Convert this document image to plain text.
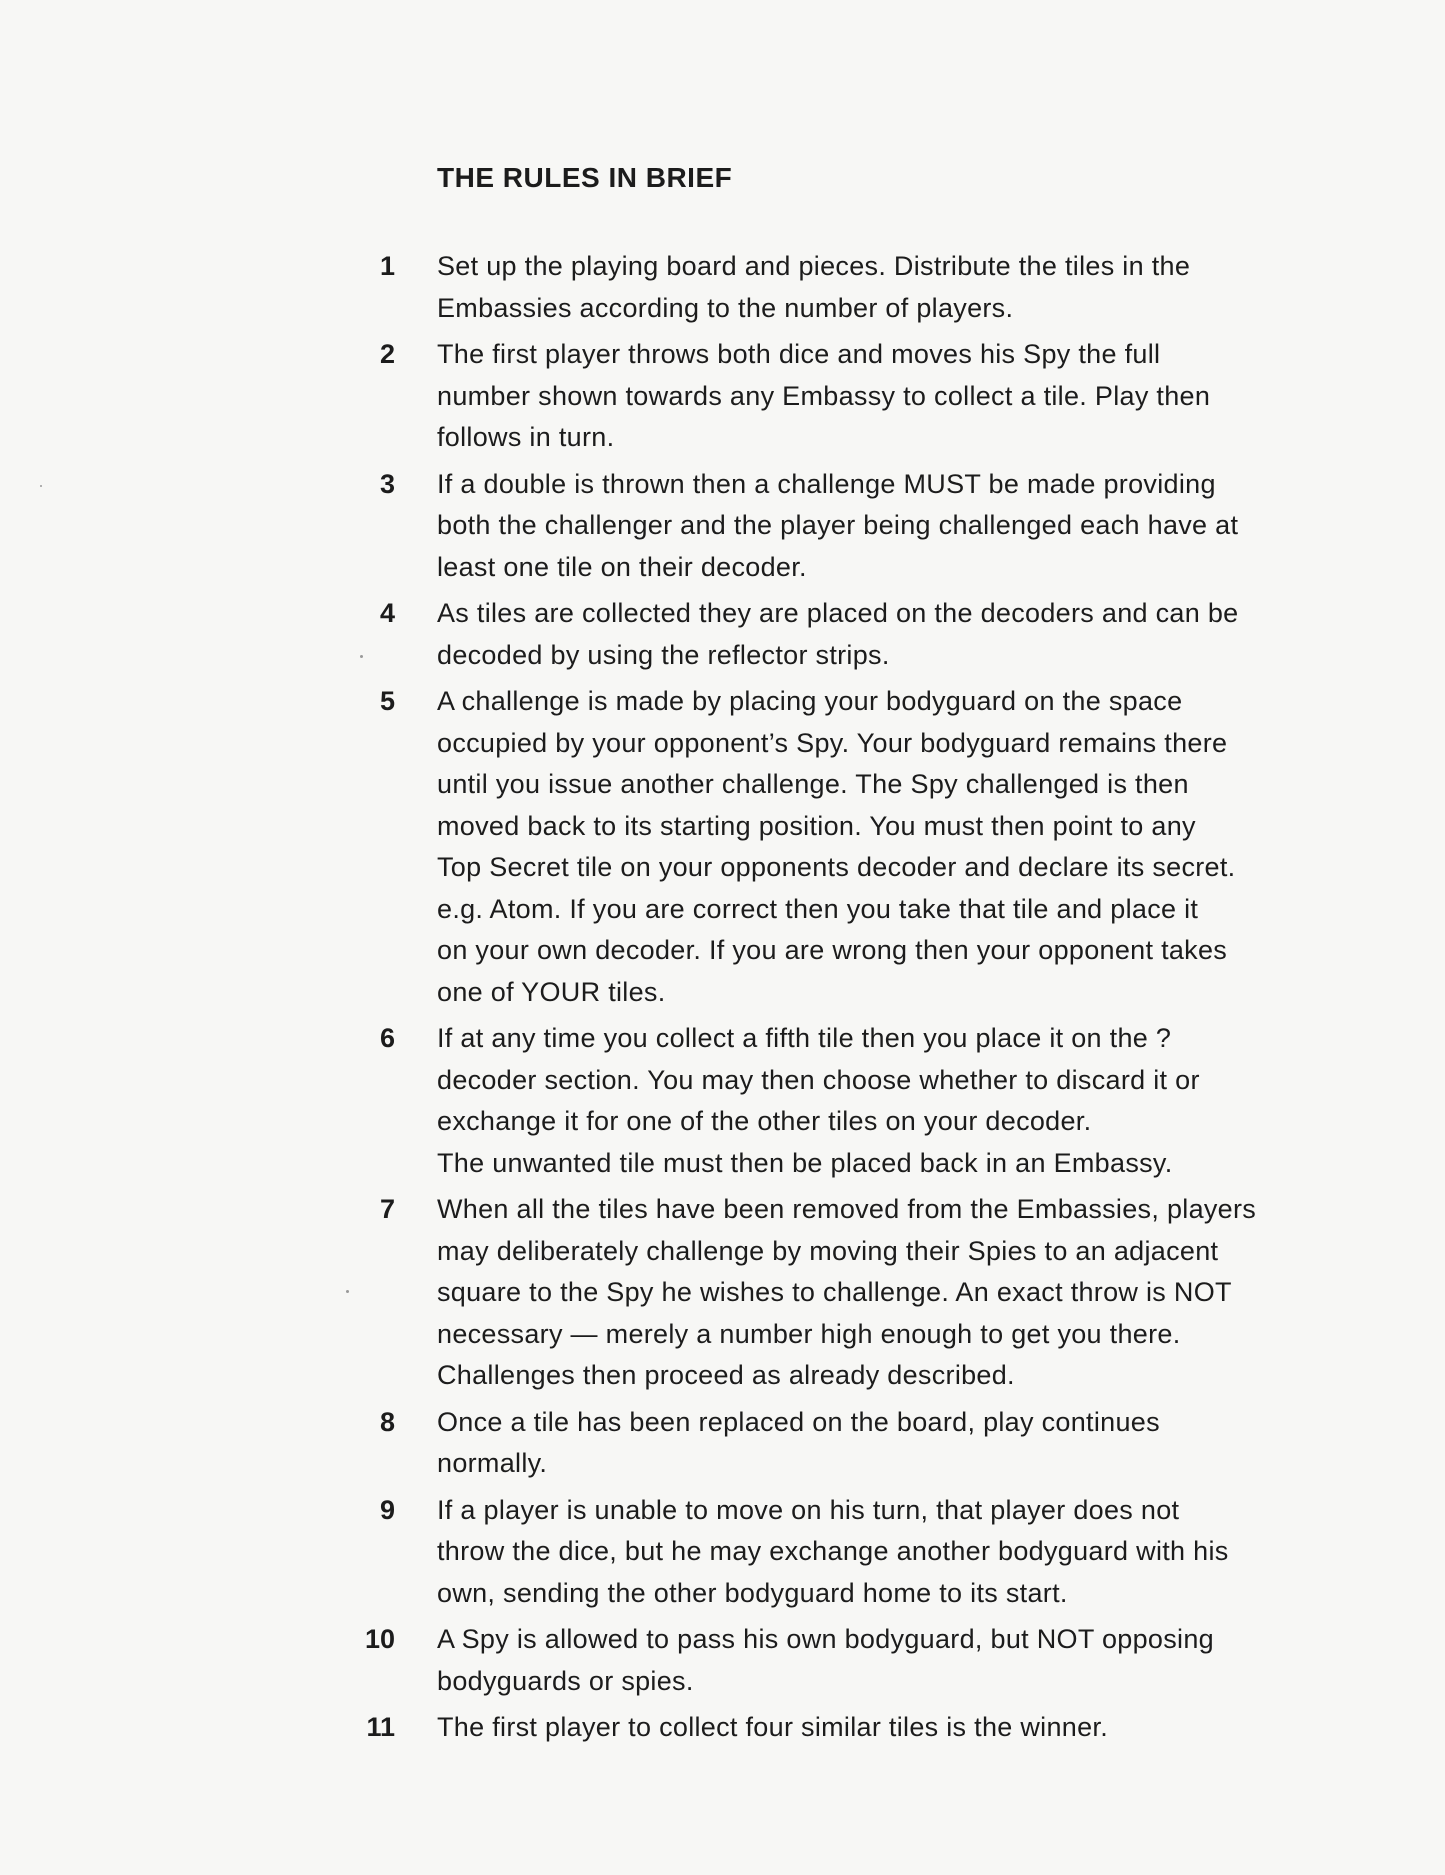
THE RULES IN BRIEF
1 Set up the playing board and pieces. Distribute the tiles in the
Embassies according to the number of players.
2 The first player throws both dice and moves his Spy the full
number shown towards any Embassy to collect a tile. Play then
follows in turn.
3 If a double is thrown then a challenge MUST be made providing
both the challenger and the player being challenged each have at
least one tile on their decoder.
4 As tiles are collected they are placed on the decoders and can be
decoded by using the reflector strips.
5 A challenge is made by placing your bodyguard on the space
occupied by your opponent’s Spy. Your bodyguard remains there
until you issue another challenge. The Spy challenged is then
moved back to its starting position. You must then point to any
Top Secret tile on your opponents decoder and declare its secret.
e.g. Atom. If you are correct then you take that tile and place it
on your own decoder. If you are wrong then your opponent takes
one of YOUR tiles.
6 If at any time you collect a fifth tile then you place it on the ?
decoder section. You may then choose whether to discard it or
exchange it for one of the other tiles on your decoder.
The unwanted tile must then be placed back in an Embassy.
7 When all the tiles have been removed from the Embassies, players
may deliberately challenge by moving their Spies to an adjacent
square to the Spy he wishes to challenge. An exact throw is NOT
necessary — merely a number high enough to get you there.
Challenges then proceed as already described.
8 Once a tile has been replaced on the board, play continues
normally.
9 If a player is unable to move on his turn, that player does not
throw the dice, but he may exchange another bodyguard with his
own, sending the other bodyguard home to its start.
10 A Spy is allowed to pass his own bodyguard, but NOT opposing
bodyguards or spies.
11 The first player to collect four similar tiles is the winner.
